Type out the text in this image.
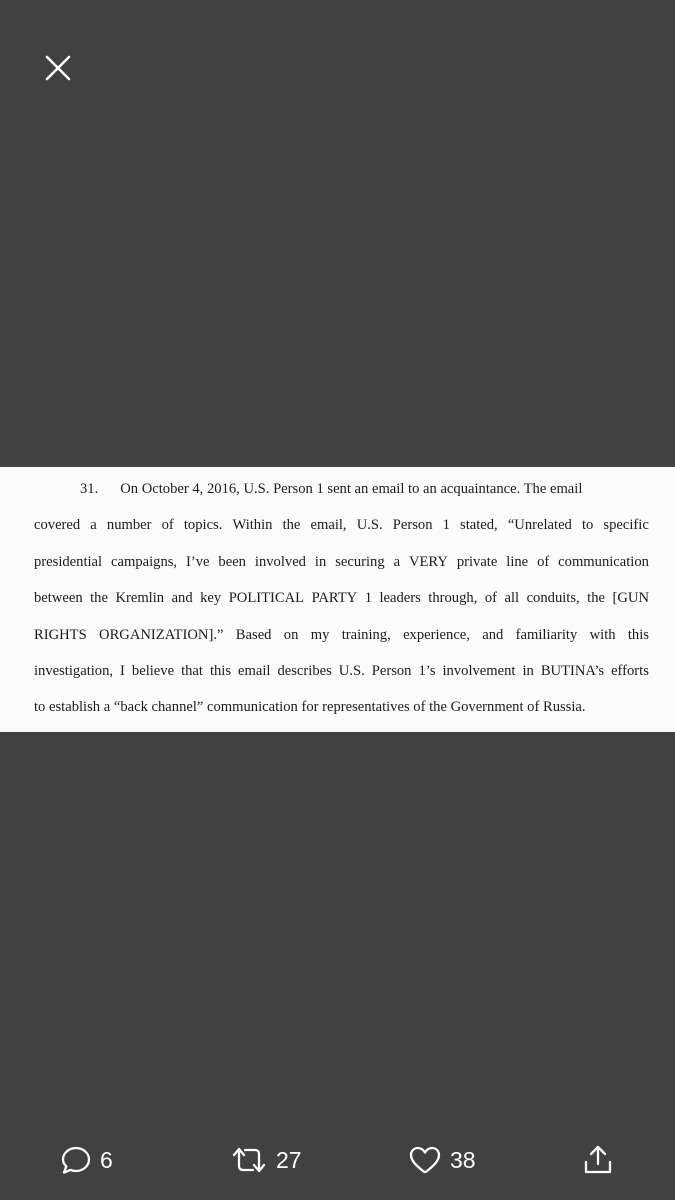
31. On October 4, 2016, U.S. Person 1 sent an email to an acquaintance. The email
covered a number of topics. Within the email, U.S. Person 1 stated, “Unrelated to specific
presidential campaigns, I’ve been involved in securing a VERY private line of communication
between the Kremlin and key POLITICAL PARTY 1 leaders through, of all conduits, the [GUN
RIGHTS ORGANIZATION].” Based on my training, experience, and familiarity with this
investigation, I believe that this email describes U.S. Person 1’s involvement in BUTINA’s efforts
to establish a “back channel” communication for representatives of the Government of Russia.
6	27	38
